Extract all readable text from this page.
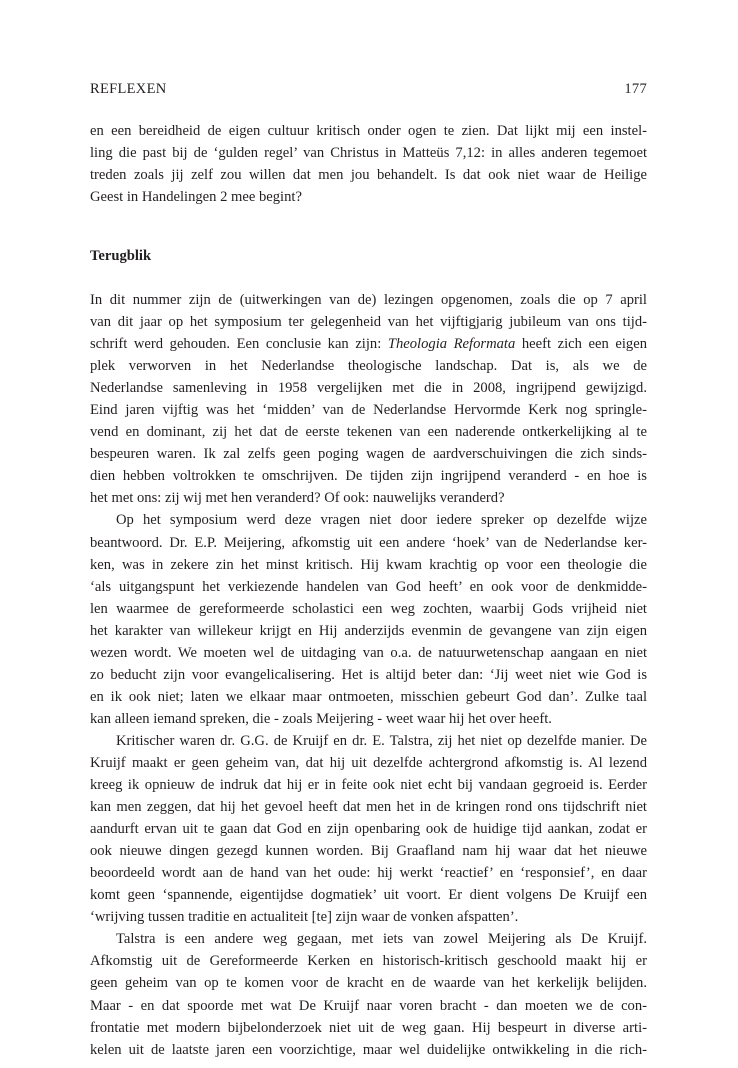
REFLEXEN	177
en een bereidheid de eigen cultuur kritisch onder ogen te zien. Dat lijkt mij een instel-
ling die past bij de ‘gulden regel’ van Christus in Matteüs 7,12: in alles anderen tegemoet
treden zoals jij zelf zou willen dat men jou behandelt. Is dat ook niet waar de Heilige
Geest in Handelingen 2 mee begint?
Terugblik
In dit nummer zijn de (uitwerkingen van de) lezingen opgenomen, zoals die op 7 april
van dit jaar op het symposium ter gelegenheid van het vijftigjarig jubileum van ons tijd-
schrift werd gehouden. Een conclusie kan zijn: Theologia Reformata heeft zich een eigen
plek verworven in het Nederlandse theologische landschap. Dat is, als we de
Nederlandse samenleving in 1958 vergelijken met die in 2008, ingrijpend gewijzigd.
Eind jaren vijftig was het ‘midden’ van de Nederlandse Hervormde Kerk nog springle-
vend en dominant, zij het dat de eerste tekenen van een naderende ontkerkelijking al te
bespeuren waren. Ik zal zelfs geen poging wagen de aardverschuivingen die zich sinds-
dien hebben voltrokken te omschrijven. De tijden zijn ingrijpend veranderd - en hoe is
het met ons: zij wij met hen veranderd? Of ook: nauwelijks veranderd?
Op het symposium werd deze vragen niet door iedere spreker op dezelfde wijze
beantwoord. Dr. E.P. Meijering, afkomstig uit een andere ‘hoek’ van de Nederlandse ker-
ken, was in zekere zin het minst kritisch. Hij kwam krachtig op voor een theologie die
‘als uitgangspunt het verkiezende handelen van God heeft’ en ook voor de denkmidde-
len waarmee de gereformeerde scholastici een weg zochten, waarbij Gods vrijheid niet
het karakter van willekeur krijgt en Hij anderzijds evenmin de gevangene van zijn eigen
wezen wordt. We moeten wel de uitdaging van o.a. de natuurwetenschap aangaan en niet
zo beducht zijn voor evangelicalisering. Het is altijd beter dan: ‘Jij weet niet wie God is
en ik ook niet; laten we elkaar maar ontmoeten, misschien gebeurt God dan’. Zulke taal
kan alleen iemand spreken, die - zoals Meijering - weet waar hij het over heeft.
Kritischer waren dr. G.G. de Kruijf en dr. E. Talstra, zij het niet op dezelfde manier. De
Kruijf maakt er geen geheim van, dat hij uit dezelfde achtergrond afkomstig is. Al lezend
kreeg ik opnieuw de indruk dat hij er in feite ook niet echt bij vandaan gegroeid is. Eerder
kan men zeggen, dat hij het gevoel heeft dat men het in de kringen rond ons tijdschrift niet
aandurft ervan uit te gaan dat God en zijn openbaring ook de huidige tijd aankan, zodat er
ook nieuwe dingen gezegd kunnen worden. Bij Graafland nam hij waar dat het nieuwe
beoordeeld wordt aan de hand van het oude: hij werkt ‘reactief’ en ‘responsief’, en daar
komt geen ‘spannende, eigentijdse dogmatiek’ uit voort. Er dient volgens De Kruijf een
‘wrijving tussen traditie en actualiteit [te] zijn waar de vonken afspatten’.
Talstra is een andere weg gegaan, met iets van zowel Meijering als De Kruijf.
Afkomstig uit de Gereformeerde Kerken en historisch-kritisch geschoold maakt hij er
geen geheim van op te komen voor de kracht en de waarde van het kerkelijk belijden.
Maar - en dat spoorde met wat De Kruijf naar voren bracht - dan moeten we de con-
frontatie met modern bijbelonderzoek niet uit de weg gaan. Hij bespeurt in diverse arti-
kelen uit de laatste jaren een voorzichtige, maar wel duidelijke ontwikkeling in die rich-
